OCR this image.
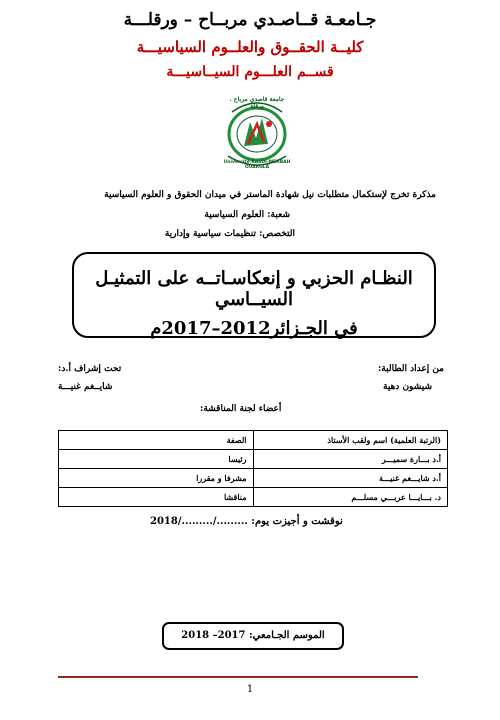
جـامعـة قــاصـدي مربــاح – ورقلـــة
كليــة الحقــوق والعلــوم السياسيـــة
قســم العلـــوم السيــاسيـــة
جامعة قاصدي مرباح . ورقلة
Université KASDI-MERBAH OUARGLA
مذكرة تخرج لإستكمال متطلبات نيل شهادة الماستر في ميدان الحقوق و العلوم السياسية
شعبة: العلوم السياسية
التخصص: تنظيمات سياسية وإدارية
النظـام الحزبي و إنعكاسـاتــه على التمثيـل السيــاسي
في الجـزائر2012–2017م
من إعداد الطالبة:
شيشون دهية
تحت إشراف أ.د:
شايــغم غنيـــة
أعضاء لجنة المناقشة:
(الرتبة العلمية) اسم ولقب الأستاذ	الصفة
أ.د بـــارة سميـــر	رئيسا
أ.د شايـــغم غنيـــة	مشرفا و مقررا
د. بـــايـــا عربـــي مسلـــم	مناقشا
نوقشت و أجيزت يوم: ........./........./2018
الموسم الجـامعي: 2017– 2018
1
